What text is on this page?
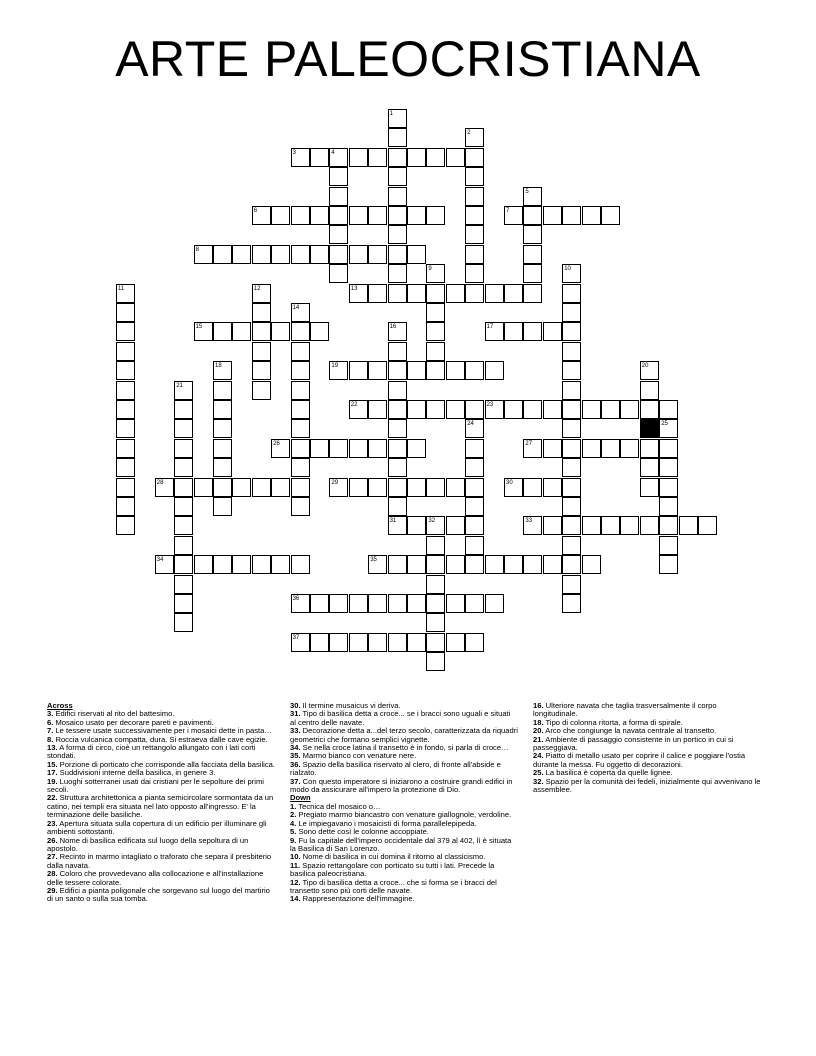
ARTE PALEOCRISTIANA
3	4
6	7
8
13
15	17
19
22	23
26	27
28	29	30
31	32	33
34	35
36
37
1
2
5
9	10
11	12
14
16
18	20
21
24	25
Across

3. Edifici riservati al rito del battesimo.

6. Mosaico usato per decorare pareti e pavimenti.

7. Le tessere usate successivamente per i mosaici dette in pasta…

8. Roccia vulcanica compatta, dura. Si estraeva dalle cave egizie.

13. A forma di circo, cioè un rettangolo allungato con i lati corti stondati.

15. Porzione di porticato che corrisponde alla facciata della basilica.

17. Suddivisioni interne della basilica, in genere 3.

19. Luoghi sotterranei usati dai cristiani per le sepolture dei primi secoli.

22. Struttura architettonica a pianta semicircolare sormontata da un catino, nei templi era situata nel lato opposto all'ingresso. E' la terminazione delle basiliche.

23. Apertura situata sulla copertura di un edificio per illuminare gli ambienti sottostanti.

26. Nome di basilica edificata sul luogo della sepoltura di un apostolo.

27. Recinto in marmo intagliato o traforato che separa il presbiterio dalla navata.

28. Coloro che provvedevano alla collocazione e all'installazione delle tessere colorate.

29. Edifici a pianta poligonale che sorgevano sul luogo del martirio di un santo o sulla sua tomba.

30. Il termine musaicus vi deriva.

31. Tipo di basilica detta a croce... se i bracci sono uguali e situati al centro delle navate.

33. Decorazione detta a...del terzo secolo, caratterizzata da riquadri geometrici che formano semplici vignette.

34. Se nella croce latina il transetto è in fondo, si parla di croce…

35. Marmo bianco con venature nere.

36. Spazio della basilica riservato al clero, di fronte all'abside e rialzato.

37. Con questo imperatore si iniziarono a costruire grandi edifici in modo da assicurare all'impero la protezione di Dio.

Down

1. Tecnica del mosaico o…

2. Pregiato marmo biancastro con venature giallognole, verdoline.

4. Le impiegavano i mosaicisti di forma parallelepipeda.

5. Sono dette così le colonne accoppiate.

9. Fu la capitale dell'impero occidentale dal 379 al 402, lì è situata la Basilica di San Lorenzo.

10. Nome di basilica in cui domina il ritorno al classicismo.

11. Spazio rettangolare con porticato su tutti i lati. Precede la basilica paleocristiana.

12. Tipo di basilica detta a croce... che si forma se i bracci del transetto sono più corti delle navate.

14. Rappresentazione dell'immagine.

16. Ulteriore navata che taglia trasversalmente il corpo longitudinale.

18. Tipo di colonna ritorta, a forma di spirale.

20. Arco che congiunge la navata centrale al transetto.

21. Ambiente di passaggio consistente in un portico in cui si passeggiava.

24. Piatto di metallo usato per coprire il calice e poggiare l'ostia durante la messa. Fu oggetto di decorazioni.

25. La basilica è coperta da quelle lignee.

32. Spazio per la comunità dei fedeli, inizialmente qui avvenivano le assemblee.
